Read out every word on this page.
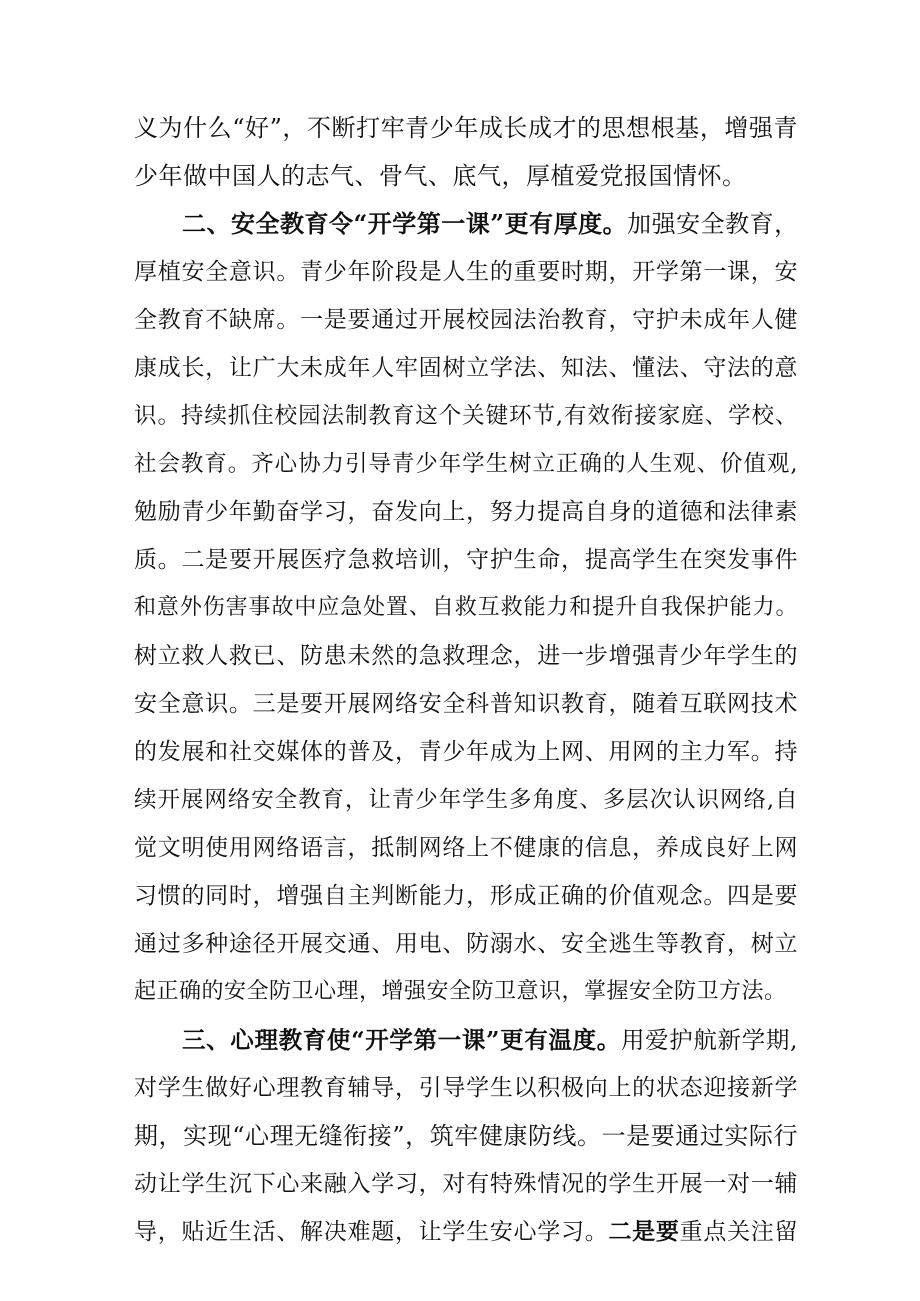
义为什么“好”，不断打牢青少年成长成才的思想根基，增强青
少年做中国人的志气、骨气、底气，厚植爱党报国情怀。
二、安全教育令“开学第一课”更有厚度。加强安全教育，
厚植安全意识。青少年阶段是人生的重要时期，开学第一课，安
全教育不缺席。一是要通过开展校园法治教育，守护未成年人健
康成长，让广大未成年人牢固树立学法、知法、懂法、守法的意
识。持续抓住校园法制教育这个关键环节,有效衔接家庭、学校、
社会教育。齐心协力引导青少年学生树立正确的人生观、价值观,
勉励青少年勤奋学习，奋发向上，努力提高自身的道德和法律素
质。二是要开展医疗急救培训，守护生命，提高学生在突发事件
和意外伤害事故中应急处置、自救互救能力和提升自我保护能力。
树立救人救已、防患未然的急救理念，进一步增强青少年学生的
安全意识。三是要开展网络安全科普知识教育，随着互联网技术
的发展和社交媒体的普及，青少年成为上网、用网的主力军。持
续开展网络安全教育，让青少年学生多角度、多层次认识网络,自
觉文明使用网络语言，抵制网络上不健康的信息，养成良好上网
习惯的同时，增强自主判断能力，形成正确的价值观念。四是要
通过多种途径开展交通、用电、防溺水、安全逃生等教育，树立
起正确的安全防卫心理，增强安全防卫意识，掌握安全防卫方法。
三、心理教育使“开学第一课”更有温度。用爱护航新学期,
对学生做好心理教育辅导，引导学生以积极向上的状态迎接新学
期，实现“心理无缝衔接”，筑牢健康防线。一是要通过实际行
动让学生沉下心来融入学习，对有特殊情况的学生开展一对一辅
导，贴近生活、解决难题，让学生安心学习。二是要重点关注留
